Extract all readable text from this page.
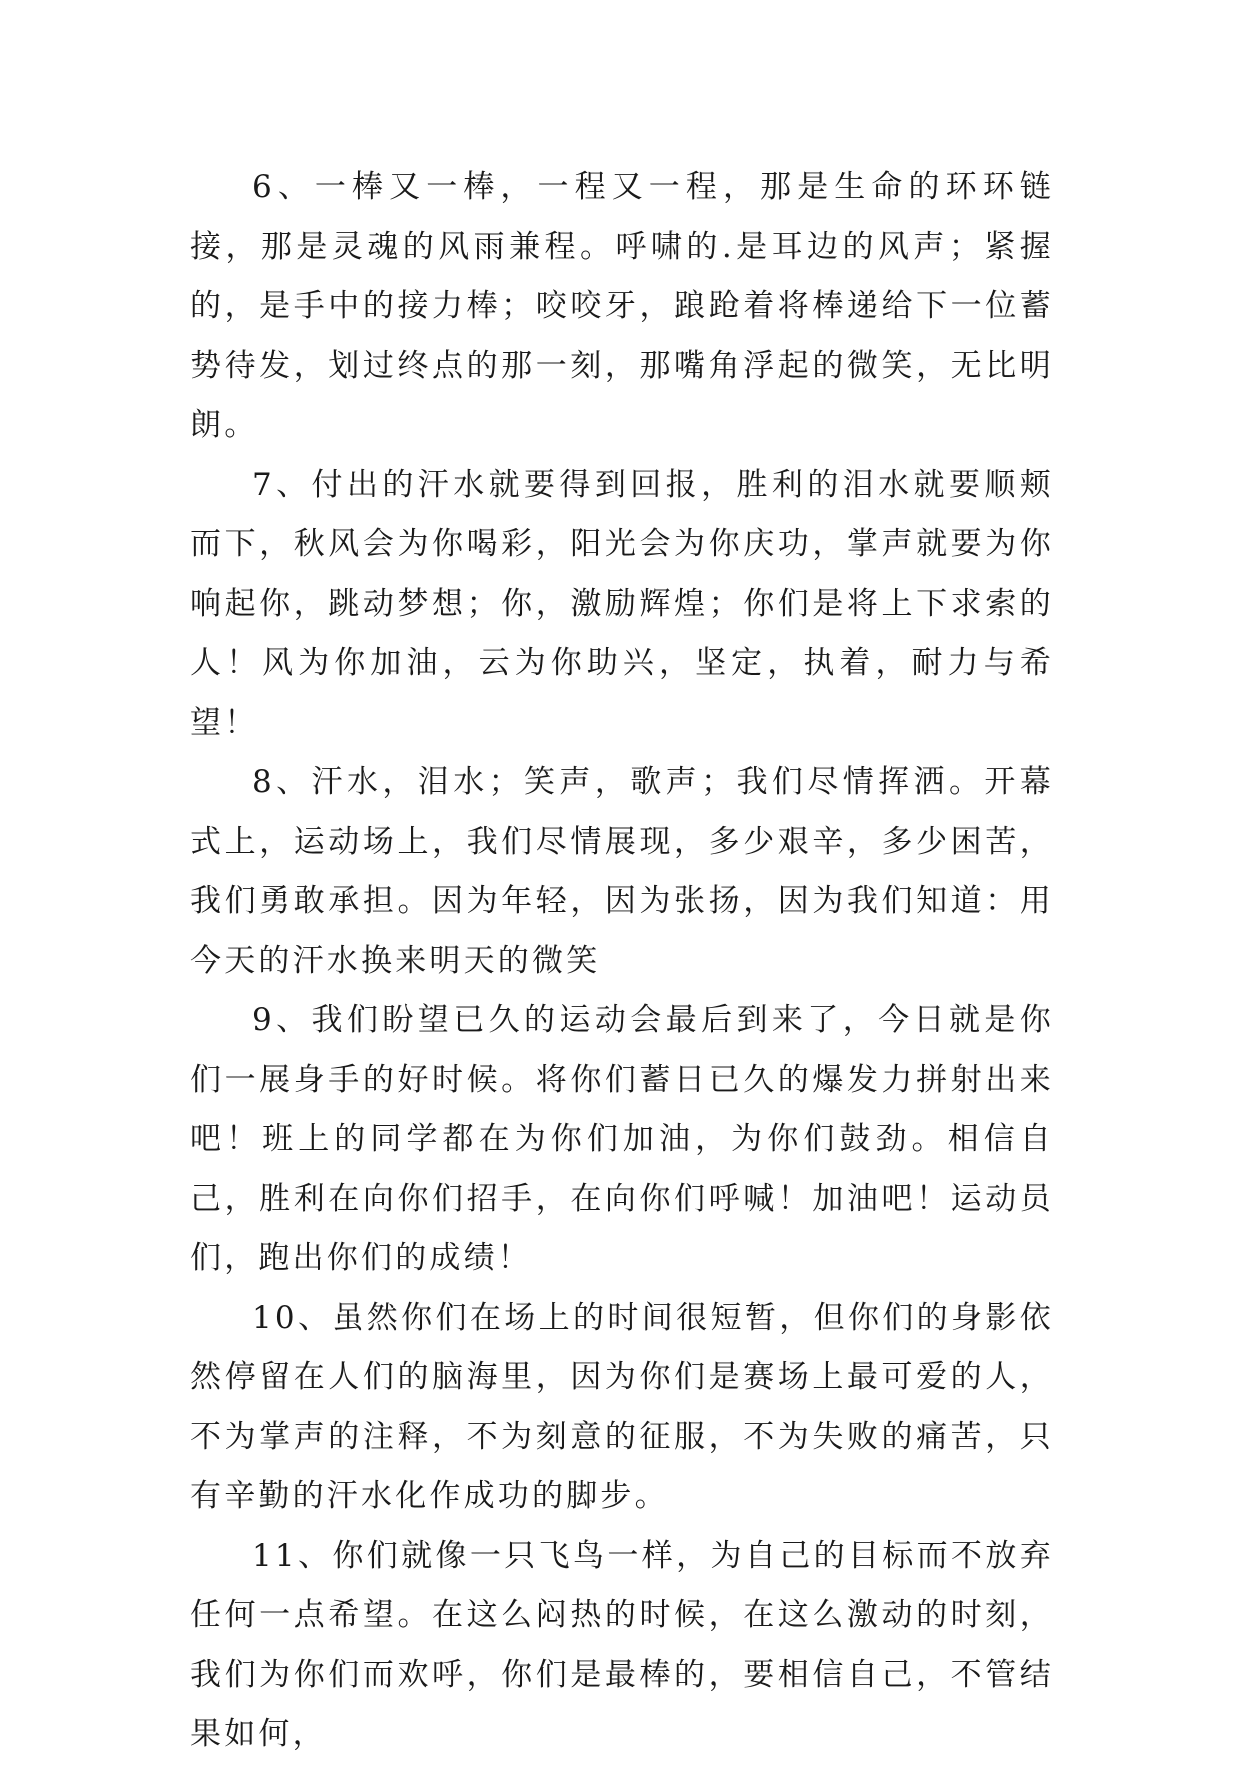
6、一棒又一棒，一程又一程，那是生命的环环链接，那是灵魂的风雨兼程。呼啸的.是耳边的风声；紧握的，是手中的接力棒；咬咬牙，踉跄着将棒递给下一位蓄势待发，划过终点的那一刻，那嘴角浮起的微笑，无比明朗。

7、付出的汗水就要得到回报，胜利的泪水就要顺颊而下，秋风会为你喝彩，阳光会为你庆功，掌声就要为你响起你，跳动梦想；你，激励辉煌；你们是将上下求索的人！风为你加油，云为你助兴，坚定，执着，耐力与希望！

8、汗水，泪水；笑声，歌声；我们尽情挥洒。开幕式上，运动场上，我们尽情展现，多少艰辛，多少困苦，我们勇敢承担。因为年轻，因为张扬，因为我们知道：用今天的汗水换来明天的微笑

9、我们盼望已久的运动会最后到来了，今日就是你们一展身手的好时候。将你们蓄日已久的爆发力拼射出来吧！班上的同学都在为你们加油，为你们鼓劲。相信自己，胜利在向你们招手，在向你们呼喊！加油吧！运动员们，跑出你们的成绩！

10、虽然你们在场上的时间很短暂，但你们的身影依然停留在人们的脑海里，因为你们是赛场上最可爱的人，不为掌声的注释，不为刻意的征服，不为失败的痛苦，只有辛勤的汗水化作成功的脚步。

11、你们就像一只飞鸟一样，为自己的目标而不放弃任何一点希望。在这么闷热的时候，在这么激动的时刻，我们为你们而欢呼，你们是最棒的，要相信自己，不管结果如何，
